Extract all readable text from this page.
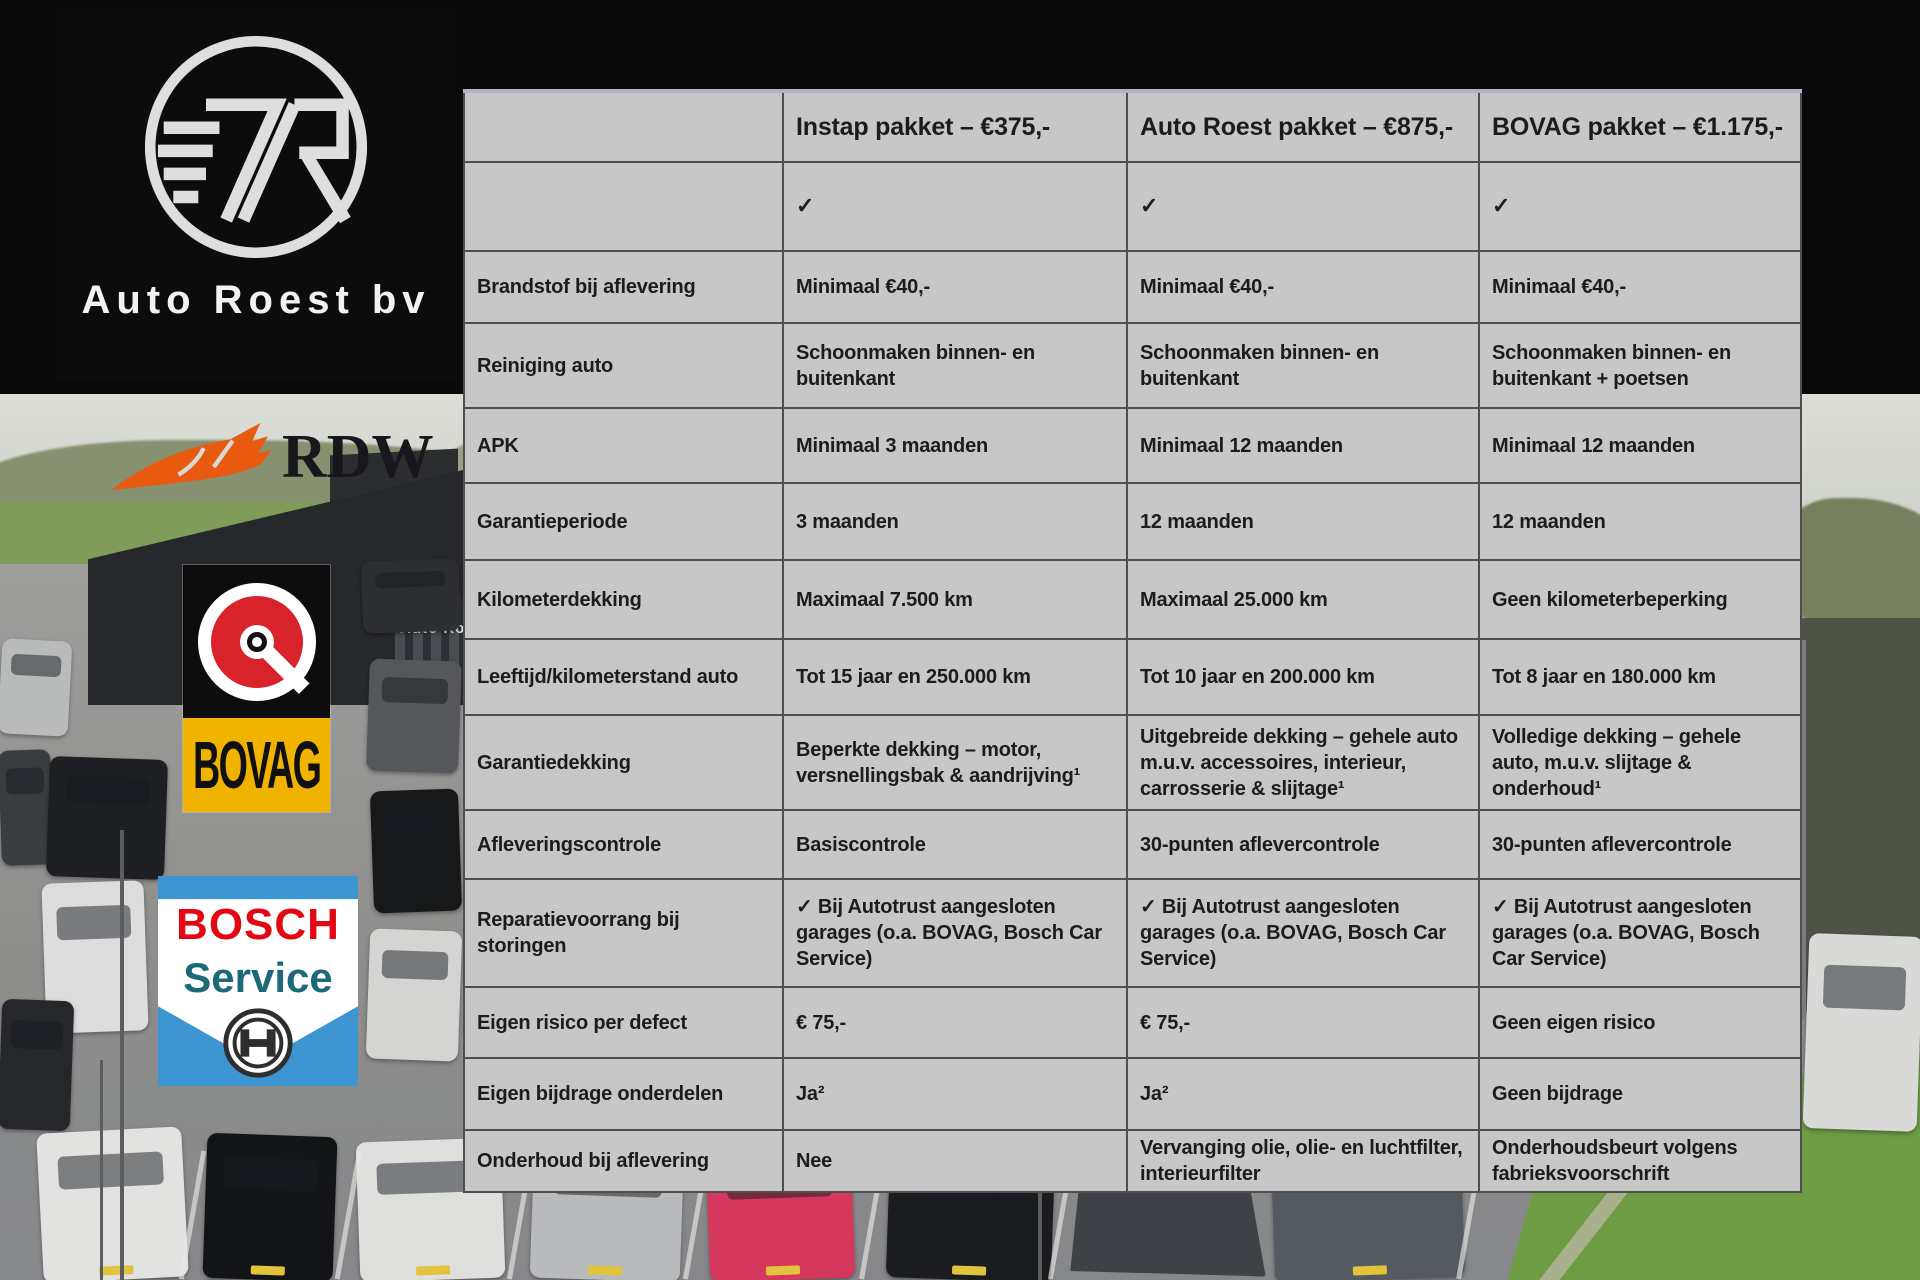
Auto Roest bv
RDW
BOVAG
BOSCH
Service
	Instap pakket – €375,-	Auto Roest pakket – €875,-	BOVAG pakket – €1.175,-
	✓	✓	✓
Brandstof bij aflevering	Minimaal €40,-	Minimaal €40,-	Minimaal €40,-
Reiniging auto	Schoonmaken binnen- en buitenkant	Schoonmaken binnen- en buitenkant	Schoonmaken binnen- en buitenkant + poetsen
APK	Minimaal 3 maanden	Minimaal 12 maanden	Minimaal 12 maanden
Garantieperiode	3 maanden	12 maanden	12 maanden
Kilometerdekking	Maximaal 7.500 km	Maximaal 25.000 km	Geen kilometerbeperking
Leeftijd/kilometerstand auto	Tot 15 jaar en 250.000 km	Tot 10 jaar en 200.000 km	Tot 8 jaar en 180.000 km
Garantiedekking	Beperkte dekking – motor, versnellingsbak & aandrijving¹	Uitgebreide dekking – gehele auto m.u.v. accessoires, interieur, carrosserie & slijtage¹	Volledige dekking – gehele auto, m.u.v. slijtage & onderhoud¹
Afleveringscontrole	Basiscontrole	30-punten aflevercontrole	30-punten aflevercontrole
Reparatievoorrang bij storingen	✓ Bij Autotrust aangesloten garages (o.a. BOVAG, Bosch Car Service)	✓ Bij Autotrust aangesloten garages (o.a. BOVAG, Bosch Car Service)	✓ Bij Autotrust aangesloten garages (o.a. BOVAG, Bosch Car Service)
Eigen risico per defect	€ 75,-	€ 75,-	Geen eigen risico
Eigen bijdrage onderdelen	Ja²	Ja²	Geen bijdrage
Onderhoud bij aflevering	Nee	Vervanging olie, olie- en luchtfilter, interieurfilter	Onderhoudsbeurt volgens fabrieksvoorschrift
